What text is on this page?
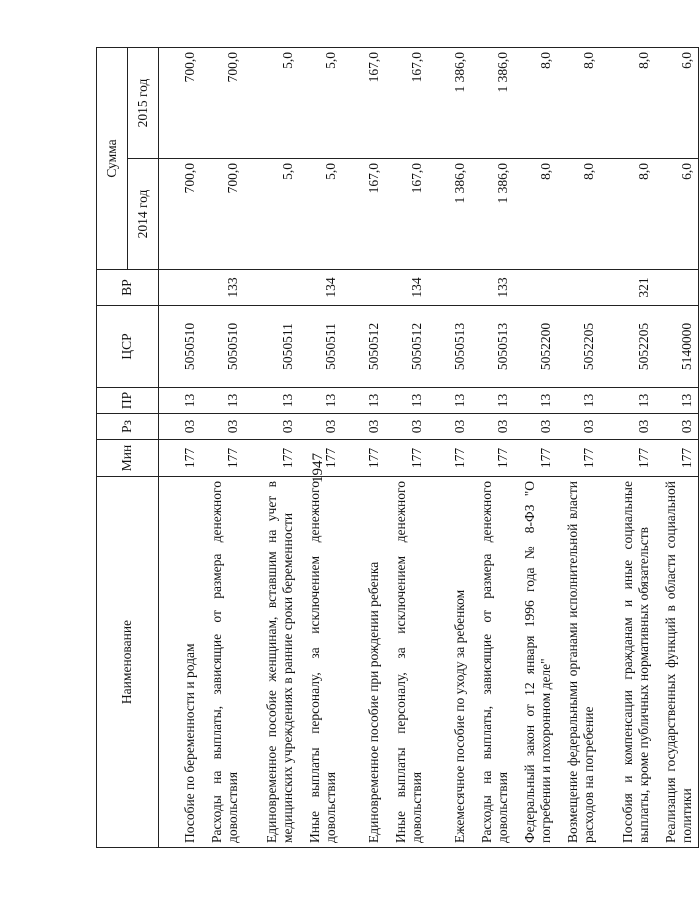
1947
Наименование	Мин	Рз	ПР	ЦСР	ВР	Сумма	
						2014 год	2015 год
Пособие по беременности и родам	177	03	13	5050510		700,0	700,0
Расходы на выплаты, зависящие от размера денежного довольствия	177	03	13	5050510	133	700,0	700,0
Единовременное пособие женщинам, вставшим на учет в медицинских учреждениях в ранние сроки беременности	177	03	13	5050511		5,0	5,0
Иные выплаты персоналу, за исключением денежного довольствия	177	03	13	5050511	134	5,0	5,0
Единовременное пособие при рождении ребенка	177	03	13	5050512		167,0	167,0
Иные выплаты персоналу, за исключением денежного довольствия	177	03	13	5050512	134	167,0	167,0
Ежемесячное пособие по уходу за ребенком	177	03	13	5050513		1 386,0	1 386,0
Расходы на выплаты, зависящие от размера денежного довольствия	177	03	13	5050513	133	1 386,0	1 386,0
Федеральный закон от 12 января 1996 года № 8-ФЗ "О погребении и похоронном деле"	177	03	13	5052200		8,0	8,0
Возмещение федеральными органами исполнительной власти расходов на погребение	177	03	13	5052205		8,0	8,0
Пособия и компенсации гражданам и иные социальные выплаты, кроме публичных нормативных обязательств	177	03	13	5052205	321	8,0	8,0
Реализация государственных функций в области социальной политики	177	03	13	5140000		6,0	6,0
